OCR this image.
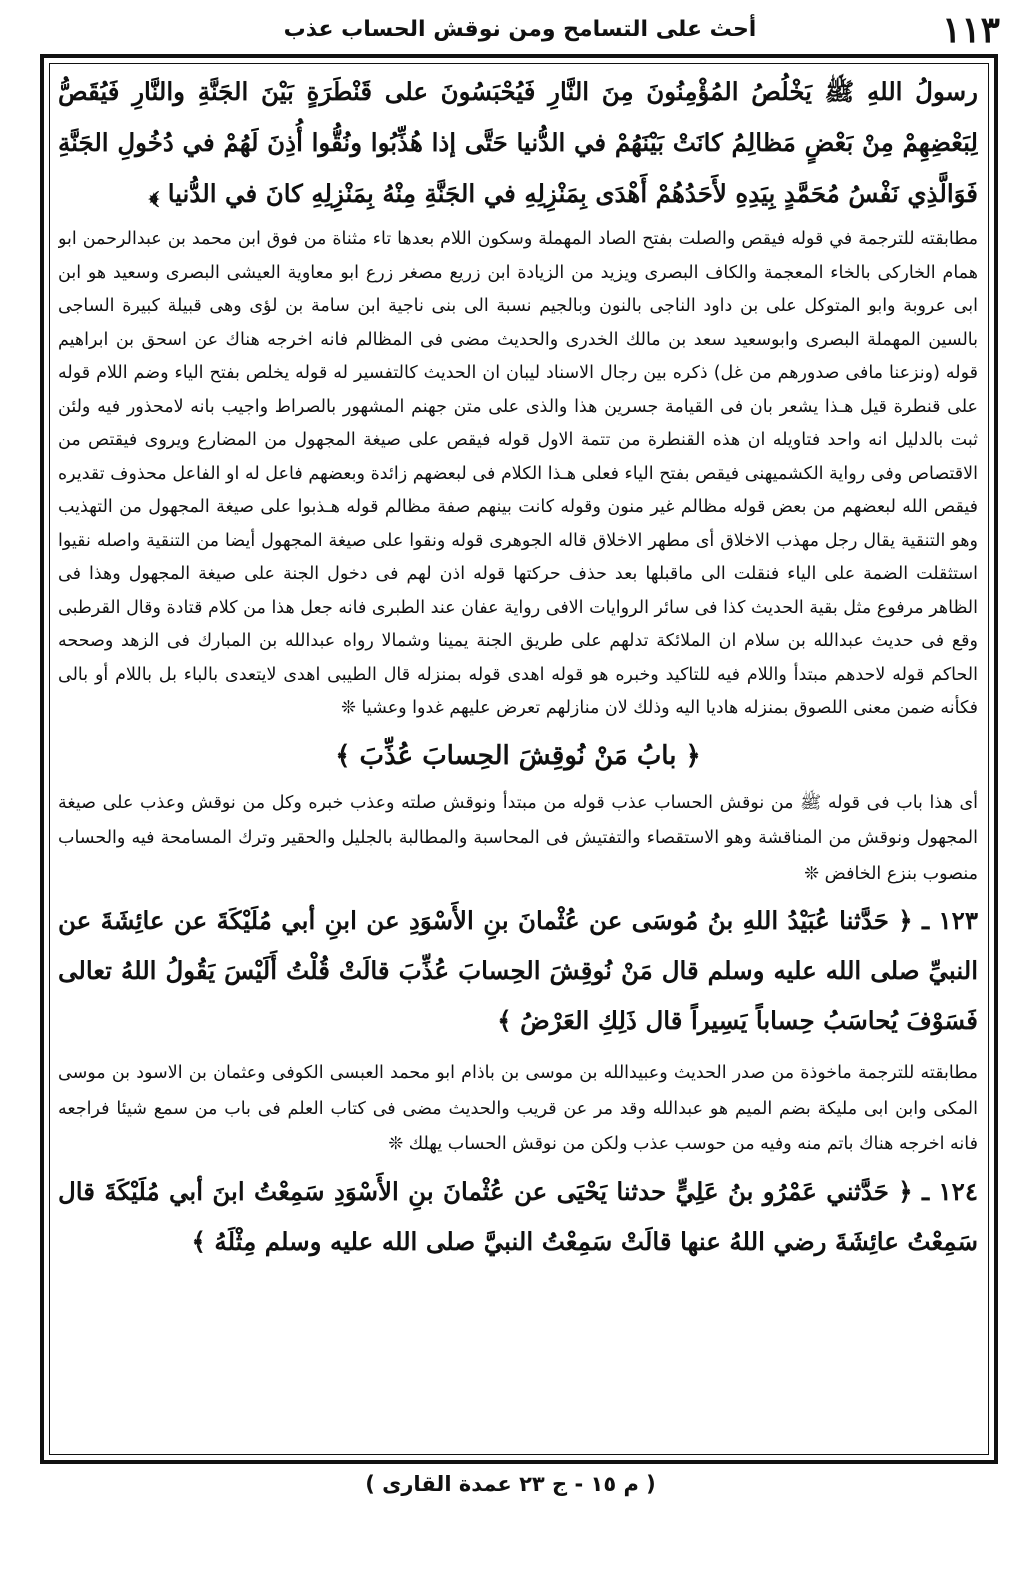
١١٣
أحث على التسامح ومن نوقش الحساب عذب

رسولُ اللهِ ﷺ يَخْلُصُ المُؤْمِنُونَ مِنَ النَّارِ فَيُحْبَسُونَ على قَنْطَرَةٍ بَيْنَ الجَنَّةِ والنَّارِ فَيُقَصُّ لِبَعْضِهِمْ مِنْ بَعْضٍ مَظالِمُ كانَتْ بَيْنَهُمْ في الدُّنيا حَتَّى إذا هُذِّبُوا ونُقُّوا أُذِنَ لَهُمْ في دُخُولِ الجَنَّةِ فَوَالَّذِي نَفْسُ مُحَمَّدٍ بِيَدِهِ لأَحَدُهُمْ أَهْدَى بِمَنْزِلِهِ في الجَنَّةِ مِنْهُ بِمَنْزِلِهِ كانَ في الدُّنيا ﴾

مطابقته للترجمة في قوله فيقص والصلت بفتح الصاد المهملة وسكون اللام بعدها تاء مثناة من فوق ابن محمد بن عبدالرحمن ابو همام الخارکی بالخاء المعجمة والكاف البصری ويزيد من الزيادة ابن زريع مصغر زرع ابو معاوية العيشی البصری وسعيد هو ابن ابی عروبة وابو المتوكل علی بن داود الناجی بالنون وبالجيم نسبة الی بنی ناجية ابن سامة بن لؤی وهی قبيلة كبيرة الساجی بالسين المهملة البصری وابوسعيد سعد بن مالك الخدری والحديث مضی فی المظالم فانه اخرجه هناك عن اسحق بن ابراهيم قوله (ونزعنا مافی صدورهم من غل) ذكره بين رجال الاسناد ليبان ان الحديث كالتفسير له قوله يخلص بفتح الياء وضم اللام قوله علی قنطرة قيل هـذا يشعر بان فی القيامة جسرين هذا والذی علی متن جهنم المشهور بالصراط واجيب بانه لامحذور فيه ولئن ثبت بالدليل انه واحد فتاويله ان هذه القنطرة من تتمة الاول قوله فيقص علی صيغة المجهول من المضارع ويروی فيقتص من الاقتصاص وفی رواية الكشميهنی فيقص بفتح الياء فعلی هـذا الكلام فی لبعضهم زائدة وبعضهم فاعل له او الفاعل محذوف تقديره فيقص الله لبعضهم من بعض قوله مظالم غير منون وقوله كانت بينهم صفة مظالم قوله هـذبوا علی صيغة المجهول من التهذيب وهو التنقية يقال رجل مهذب الاخلاق أی مطهر الاخلاق قاله الجوهری قوله ونقوا علی صيغة المجهول أيضا من التنقية واصله نقيوا استثقلت الضمة علی الياء فنقلت الی ماقبلها بعد حذف حركتها قوله اذن لهم فی دخول الجنة علی صيغة المجهول وهذا فی الظاهر مرفوع مثل بقية الحديث كذا فی سائر الروايات الافی رواية عفان عند الطبری فانه جعل هذا من كلام قتادة وقال القرطبی وقع فی حديث عبدالله بن سلام ان الملائكة تدلهم علی طريق الجنة يمينا وشمالا رواه عبدالله بن المبارك فی الزهد وصححه الحاكم قوله لاحدهم مبتدأ واللام فيه للتاكيد وخبره هو قوله اهدی قوله بمنزله قال الطيبی اهدی لايتعدی بالباء بل باللام أو بالی فكأنه ضمن معنی اللصوق بمنزله هاديا اليه وذلك لان منازلهم تعرض عليهم غدوا وعشيا ❊

﴿ بابُ مَنْ نُوقِشَ الحِسابَ عُذِّبَ ﴾

أی هذا باب فی قوله ﷺ من نوقش الحساب عذب قوله من مبتدأ ونوقش صلته وعذب خبره وكل من نوقش وعذب علی صيغة المجهول ونوقش من المناقشة وهو الاستقصاء والتفتيش فی المحاسبة والمطالبة بالجليل والحقير وترك المسامحة فيه والحساب منصوب بنزع الخافض ❊

١٢٣ ـ ﴿ حَدَّثنا عُبَيْدُ اللهِ بنُ مُوسَى عن عُثْمانَ بنِ الأَسْوَدِ عن ابنِ أبي مُلَيْكَةَ عن عائِشَةَ عن النبيِّ صلى الله عليه وسلم قال مَنْ نُوقِشَ الحِسابَ عُذِّبَ قالَتْ قُلْتُ أَلَيْسَ يَقُولُ اللهُ تعالى فَسَوْفَ يُحاسَبُ حِساباً يَسِيراً قال ذَلِكِ العَرْضُ ﴾

مطابقته للترجمة ماخوذة من صدر الحديث وعبيدالله بن موسی بن باذام ابو محمد العبسی الكوفی وعثمان بن الاسود بن موسی المكی وابن ابی مليكة بضم الميم هو عبدالله وقد مر عن قريب والحديث مضی فی كتاب العلم فی باب من سمع شيئا فراجعه فانه اخرجه هناك باتم منه وفيه من حوسب عذب ولكن من نوقش الحساب يهلك ❊

١٢٤ ـ ﴿ حَدَّثني عَمْرُو بنُ عَلِيٍّ حدثنا يَحْيَى عن عُثْمانَ بنِ الأَسْوَدِ سَمِعْتُ ابنَ أبي مُلَيْكَةَ قال سَمِعْتُ عائِشَةَ رضي اللهُ عنها قالَتْ سَمِعْتُ النبيَّ صلى الله عليه وسلم مِثْلَهُ ﴾

( م ١٥ - ج ٢٣ عمدة القاری )
